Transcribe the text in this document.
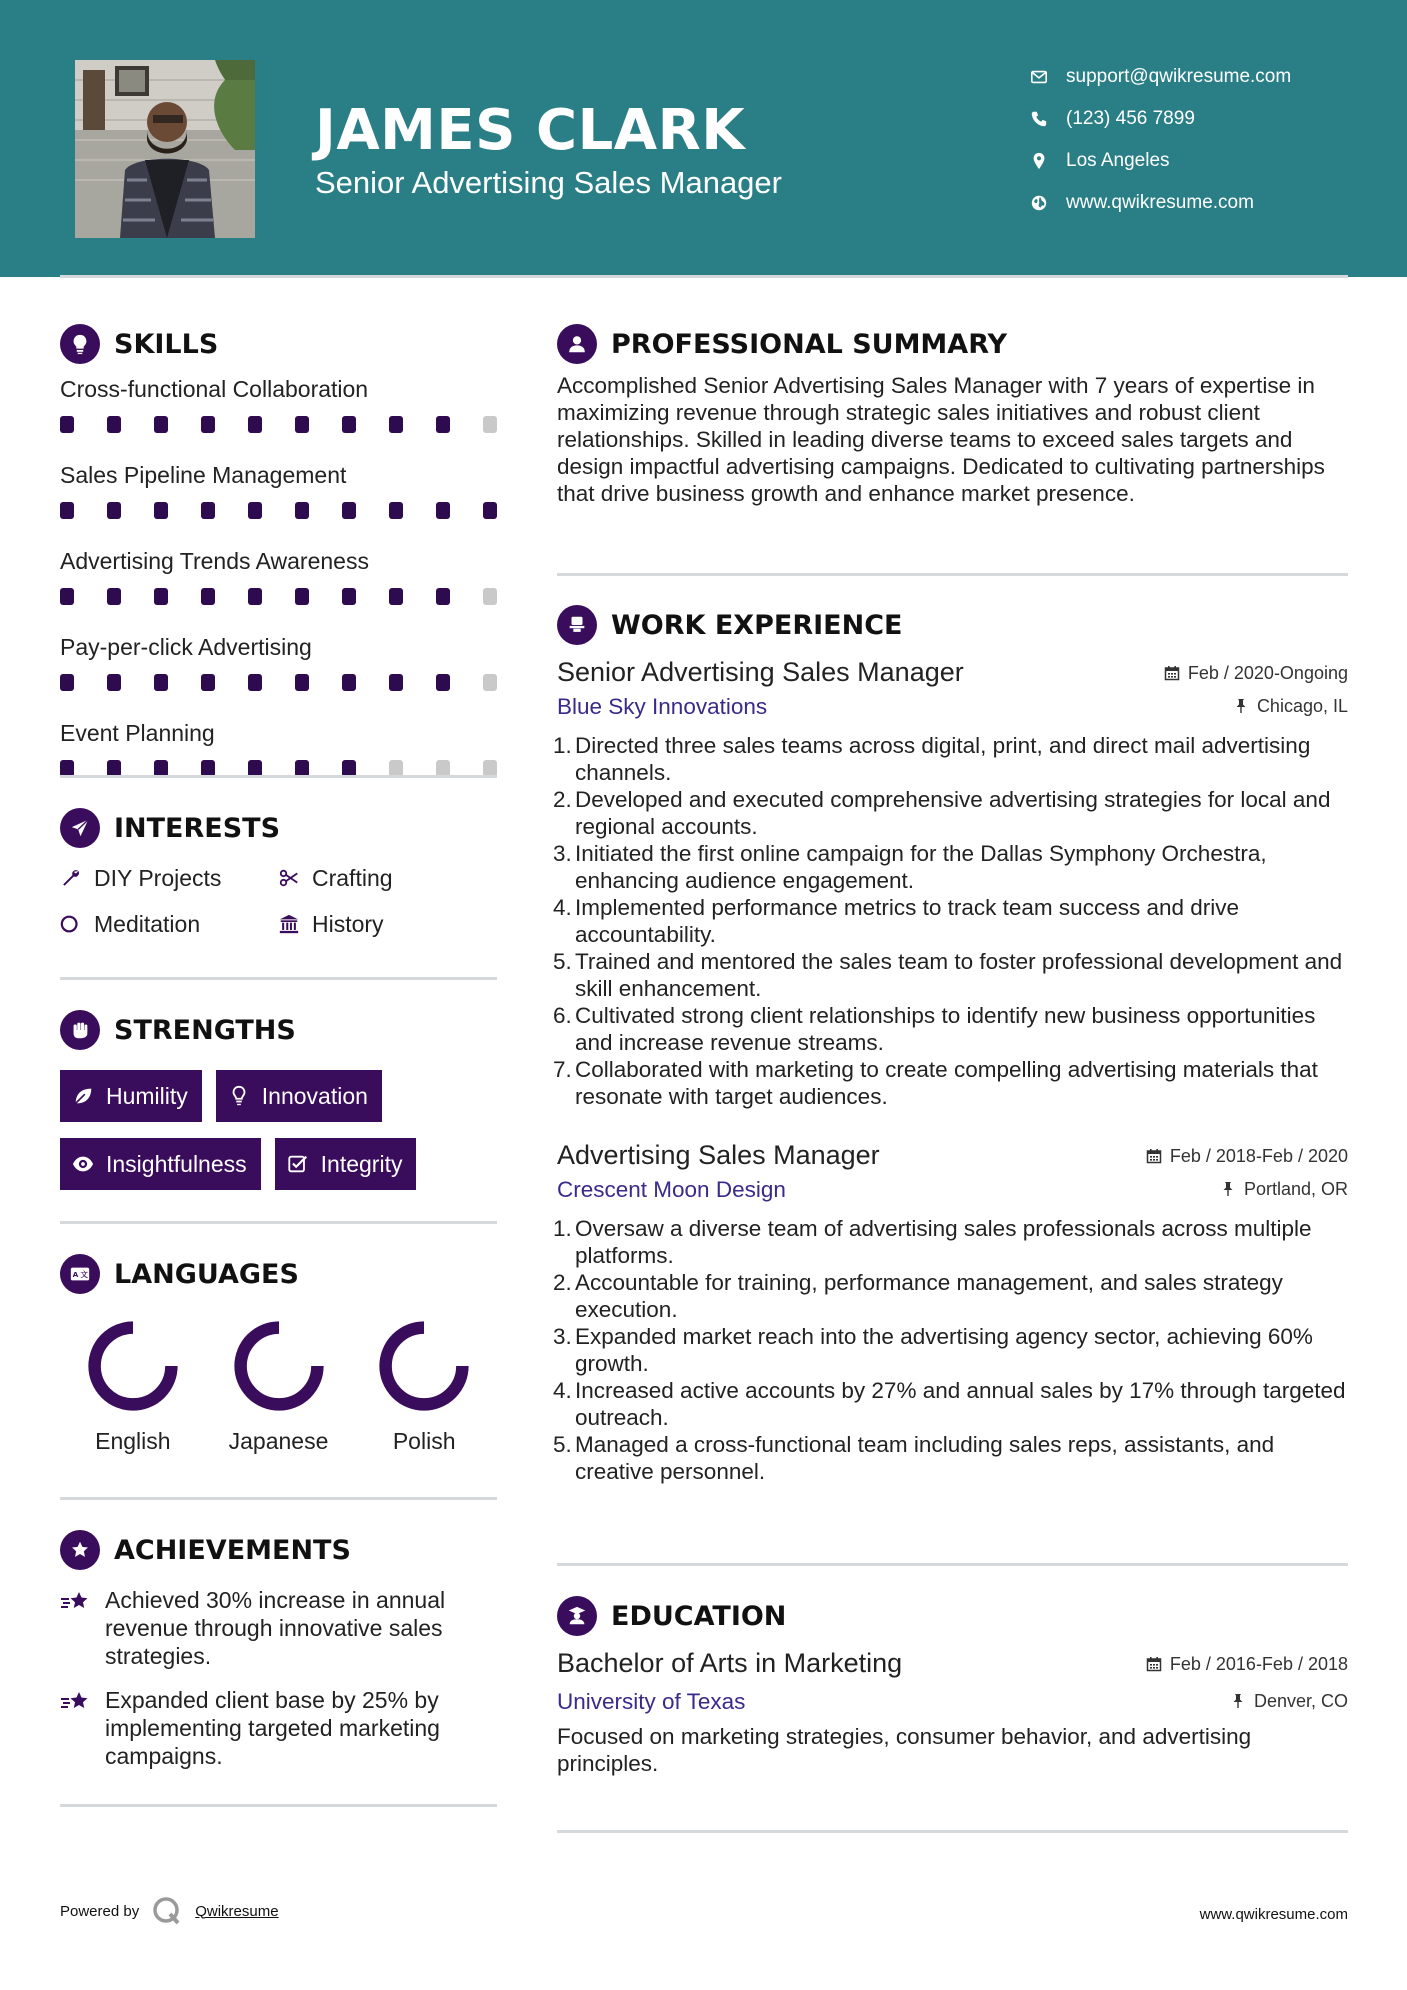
JAMES CLARK
Senior Advertising Sales Manager
support@qwikresume.com
(123) 456 7899
Los Angeles
www.qwikresume.com
SKILLS
Cross-functional Collaboration
Sales Pipeline Management
Advertising Trends Awareness
Pay-per-click Advertising
Event Planning
INTERESTS
DIY Projects	Crafting
Meditation	History
STRENGTHS
Humility	Innovation
Insightfulness	Integrity
A 文 LANGUAGES
English	Japanese	Polish
ACHIEVEMENTS
Achieved 30% increase in annual revenue through innovative sales strategies.
Expanded client base by 25% by implementing targeted marketing campaigns.
PROFESSIONAL SUMMARY

Accomplished Senior Advertising Sales Manager with 7 years of expertise in maximizing revenue through strategic sales initiatives and robust client relationships. Skilled in leading diverse teams to exceed sales targets and design impactful advertising campaigns. Dedicated to cultivating partnerships that drive business growth and enhance market presence.

WORK EXPERIENCE
Senior Advertising Sales Manager	Feb / 2020-Ongoing
Blue Sky Innovations	Chicago, IL
Directed three sales teams across digital, print, and direct mail advertising channels.
Developed and executed comprehensive advertising strategies for local and regional accounts.
Initiated the first online campaign for the Dallas Symphony Orchestra, enhancing audience engagement.
Implemented performance metrics to track team success and drive accountability.
Trained and mentored the sales team to foster professional development and skill enhancement.
Cultivated strong client relationships to identify new business opportunities and increase revenue streams.
Collaborated with marketing to create compelling advertising materials that resonate with target audiences.
Advertising Sales Manager	Feb / 2018-Feb / 2020
Crescent Moon Design	Portland, OR
Oversaw a diverse team of advertising sales professionals across multiple platforms.
Accountable for training, performance management, and sales strategy execution.
Expanded market reach into the advertising agency sector, achieving 60% growth.
Increased active accounts by 27% and annual sales by 17% through targeted outreach.
Managed a cross-functional team including sales reps, assistants, and creative personnel.
EDUCATION
Bachelor of Arts in Marketing	Feb / 2016-Feb / 2018
University of Texas	Denver, CO

Focused on marketing strategies, consumer behavior, and advertising principles.

Powered by	Qwikresume	www.qwikresume.com
